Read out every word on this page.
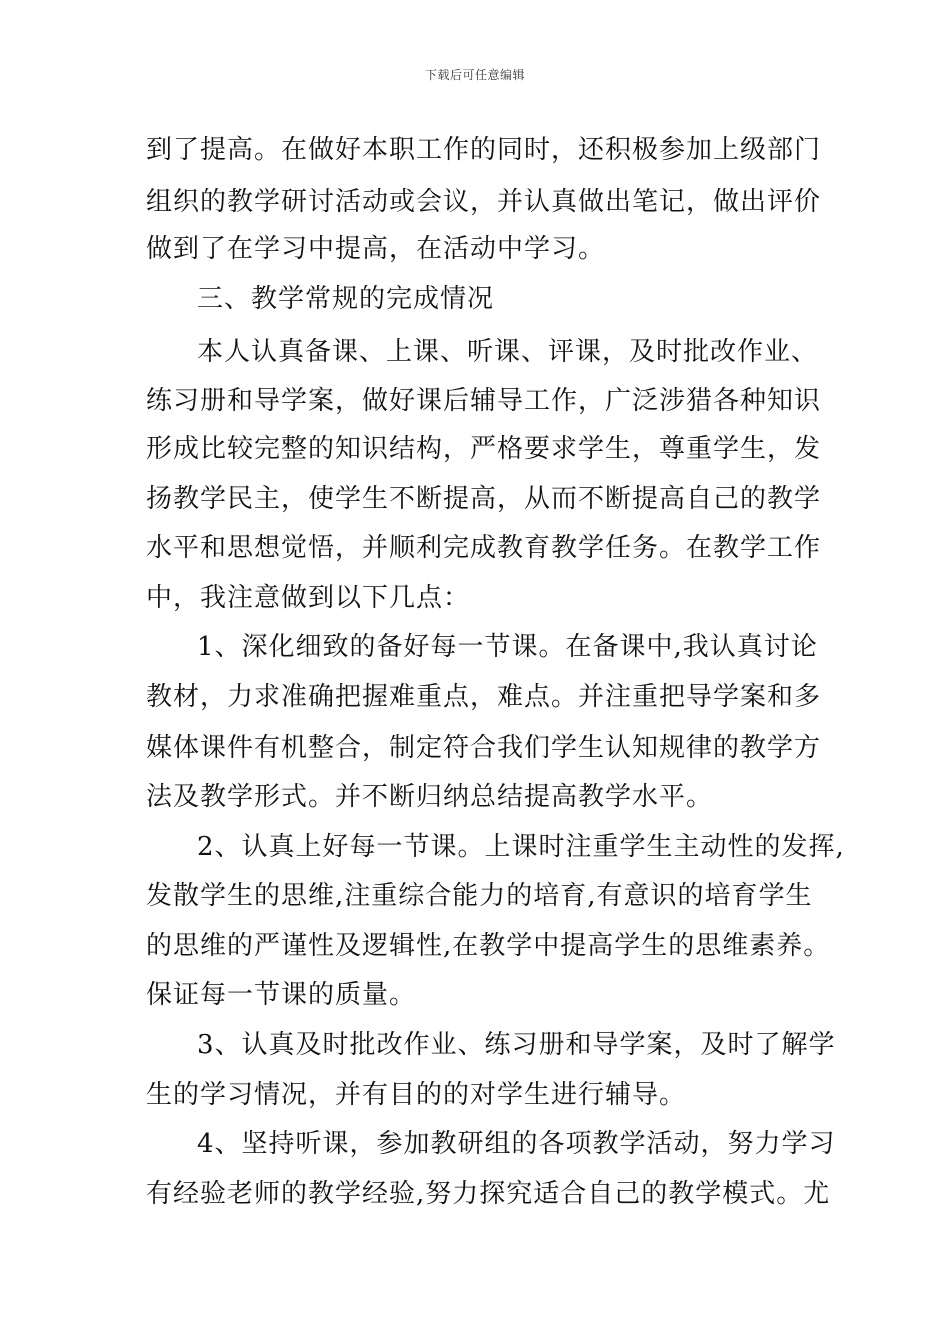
下载后可任意编辑
到了提高。在做好本职工作的同时，还积极参加上级部门
组织的教学研讨活动或会议，并认真做出笔记，做出评价
做到了在学习中提高，在活动中学习。
三、教学常规的完成情况
本人认真备课、上课、听课、评课，及时批改作业、
练习册和导学案，做好课后辅导工作，广泛涉猎各种知识
形成比较完整的知识结构，严格要求学生，尊重学生，发
扬教学民主，使学生不断提高，从而不断提高自己的教学
水平和思想觉悟，并顺利完成教育教学任务。在教学工作
中，我注意做到以下几点：
1、深化细致的备好每一节课。在备课中,我认真讨论
教材，力求准确把握难重点，难点。并注重把导学案和多
媒体课件有机整合，制定符合我们学生认知规律的教学方
法及教学形式。并不断归纳总结提高教学水平。
2、认真上好每一节课。上课时注重学生主动性的发挥,
发散学生的思维,注重综合能力的培育,有意识的培育学生
的思维的严谨性及逻辑性,在教学中提高学生的思维素养。
保证每一节课的质量。
3、认真及时批改作业、练习册和导学案，及时了解学
生的学习情况，并有目的的对学生进行辅导。
4、坚持听课，参加教研组的各项教学活动，努力学习
有经验老师的教学经验,努力探究适合自己的教学模式。尤
